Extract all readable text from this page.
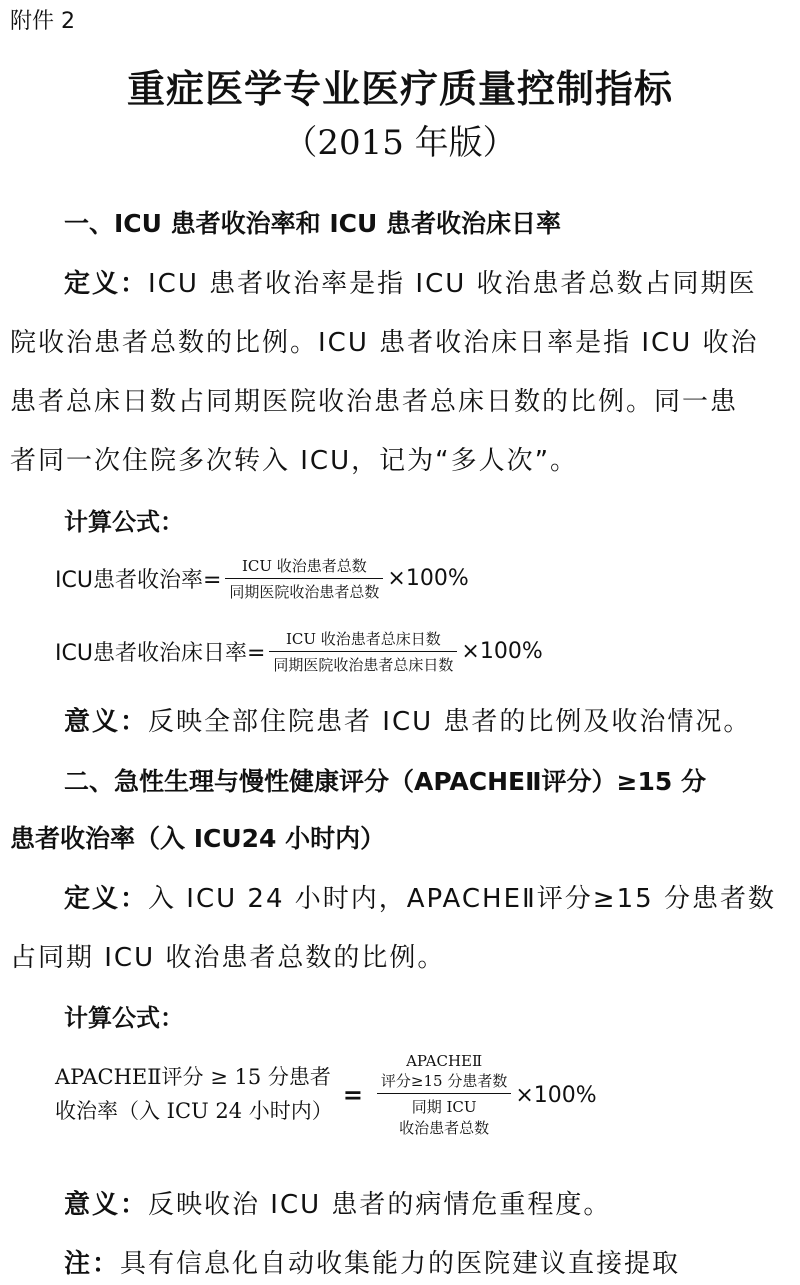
附件 2
重症医学专业医疗质量控制指标
（2015 年版）
一、ICU 患者收治率和 ICU 患者收治床日率
定义：ICU 患者收治率是指 ICU 收治患者总数占同期医
院收治患者总数的比例。ICU 患者收治床日率是指 ICU 收治
患者总床日数占同期医院收治患者总床日数的比例。同一患
者同一次住院多次转入 ICU，记为“多人次”。
计算公式：
ICU患者收治率= $\frac{\text{ICU 收治患者总数}}{\text{同期医院收治患者总数}} \times 100\%$
ICU患者收治床日率= $\frac{\text{ICU 收治患者总床日数}}{\text{同期医院收治患者总床日数}} \times 100\%$
意义：反映全部住院患者 ICU 患者的比例及收治情况。
二、急性生理与慢性健康评分（APACHEⅡ评分）≥15 分
患者收治率（入 ICU24 小时内）
定义：入 ICU 24 小时内，APACHEⅡ评分≥15 分患者数
占同期 ICU 收治患者总数的比例。
计算公式：
APACHEⅡ评分 ≥ 15 分患者
收治率（入 ICU 24 小时内）
=
APACHEⅡ
评分≥15 分患者数
同期 ICU
收治患者总数
×100%
意义：反映收治 ICU 患者的病情危重程度。
注：具有信息化自动收集能力的医院建议直接提取
